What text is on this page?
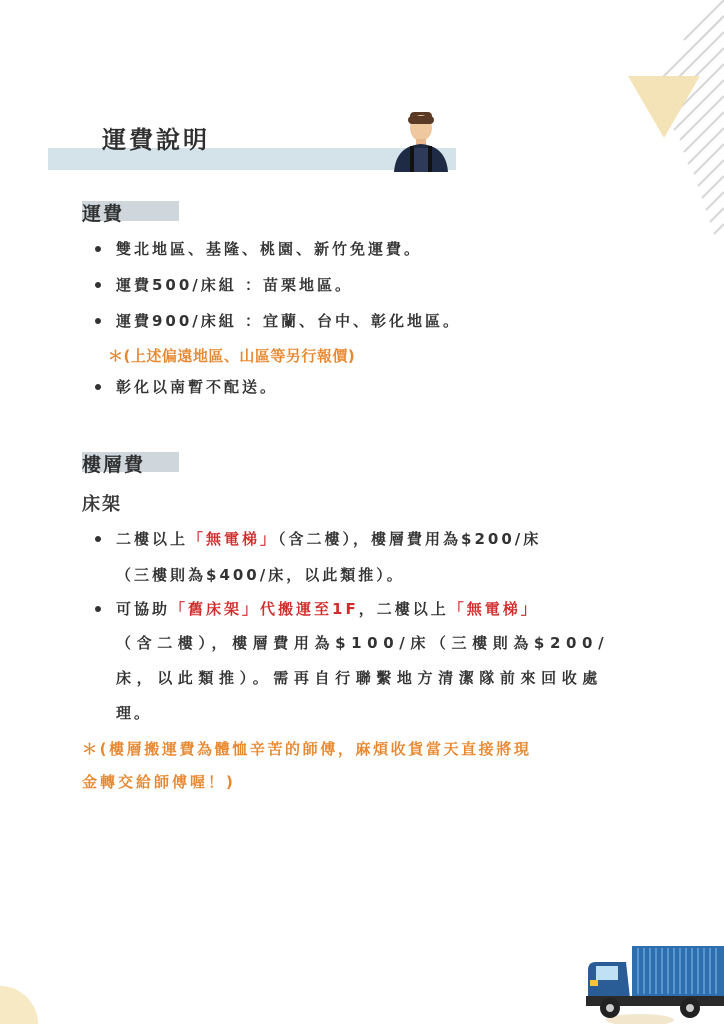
運費說明
運費
雙北地區、基隆、桃園、新竹免運費。
運費500/床組 ：苗栗地區。
運費900/床組 ：宜蘭、台中、彰化地區。
＊(上述偏遠地區、山區等另行報價)
彰化以南暫不配送。
樓層費
床架
二樓以上「無電梯」（含二樓），樓層費用為$200/床
（三樓則為$400/床，以此類推）。
可協助「舊床架」代搬運至1F，二樓以上「無電梯」
（含二樓），樓層費用為$100/床（三樓則為$200/
床，以此類推）。需再自行聯繫地方清潔隊前來回收處
理。
＊(樓層搬運費為體恤辛苦的師傅，麻煩收貨當天直接將現
金轉交給師傅喔！)
